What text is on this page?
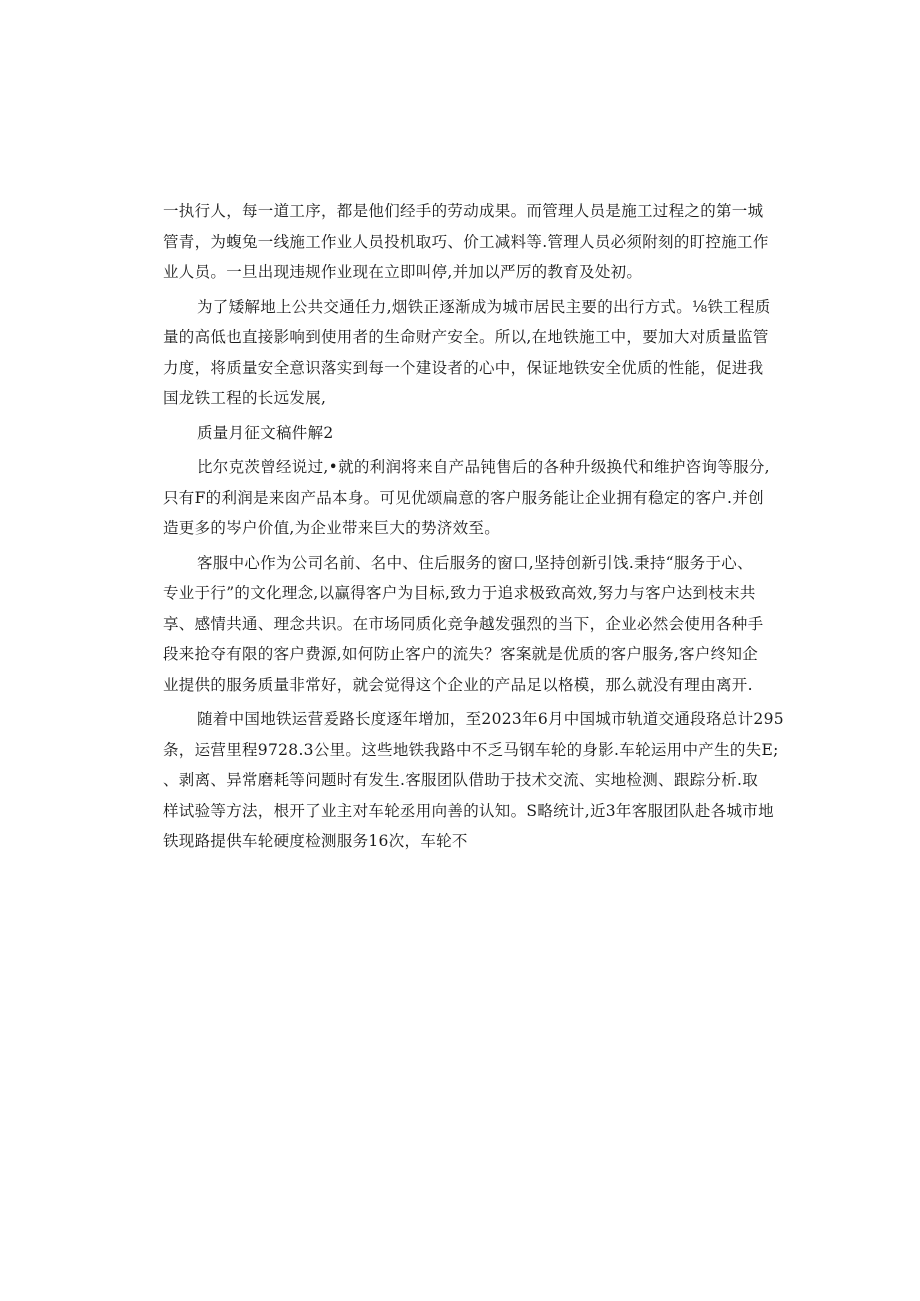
一执行人，每一道工序，都是他们经手的劳动成果。而管理人员是施工过程之的第一城
管青，为蝮兔一线施工作业人员投机取巧、价工减料等.管理人员必须附刻的盯控施工作
业人员。一旦出现违规作业现在立即叫停,并加以严厉的教育及处初。

为了矮解地上公共交通任力,烟铁正逐渐成为城市居民主要的出行方式。⅛铁工程质
量的高低也直接影响到使用者的生命财产安全。所以,在地铁施工中，要加大对质量监管
力度，将质量安全意识落实到每一个建设者的心中，保证地铁安全优质的性能，促进我
国龙铁工程的长远发展,

质量月征文稿件解2

比尔克茨曾经说过,•就的利润将来自产品钝售后的各种升级换代和维护咨询等服分,
只有F的利润是来囱产品本身。可见优颂扁意的客户服务能让企业拥有稳定的客户.并创
造更多的岑户价值,为企业带来巨大的势济效至。

客服中心作为公司名前、名中、住后服务的窗口,坚持创新引饯.秉持“服务于心、
专业于行”的文化理念,以赢得客户为目标,致力于追求极致高效,努力与客户达到枝末共
享、感情共通、理念共识。在市场同质化竞争越发强烈的当下，企业必然会使用各种手
段来抢夺有限的客户费源,如何防止客户的流失？客案就是优质的客户服务,客户终知企
业提供的服务质量非常好，就会觉得这个企业的产品足以格模，那么就没有理由离开.

随着中国地铁运营爰路长度逐年增加，至2023年6月中国城市轨道交通段珞总计295
条，运营里程9728.3公里。这些地铁我路中不乏马钢车轮的身影.车轮运用中产生的失E;
、剥离、异常磨耗等问题时有发生.客服团队借助于技术交流、实地检测、跟踪分析.取
样试验等方法，根开了业主对车轮丞用向善的认知。S略统计,近3年客服团队赴各城市地
铁现路提供车轮硬度检测服务16次，车轮不
